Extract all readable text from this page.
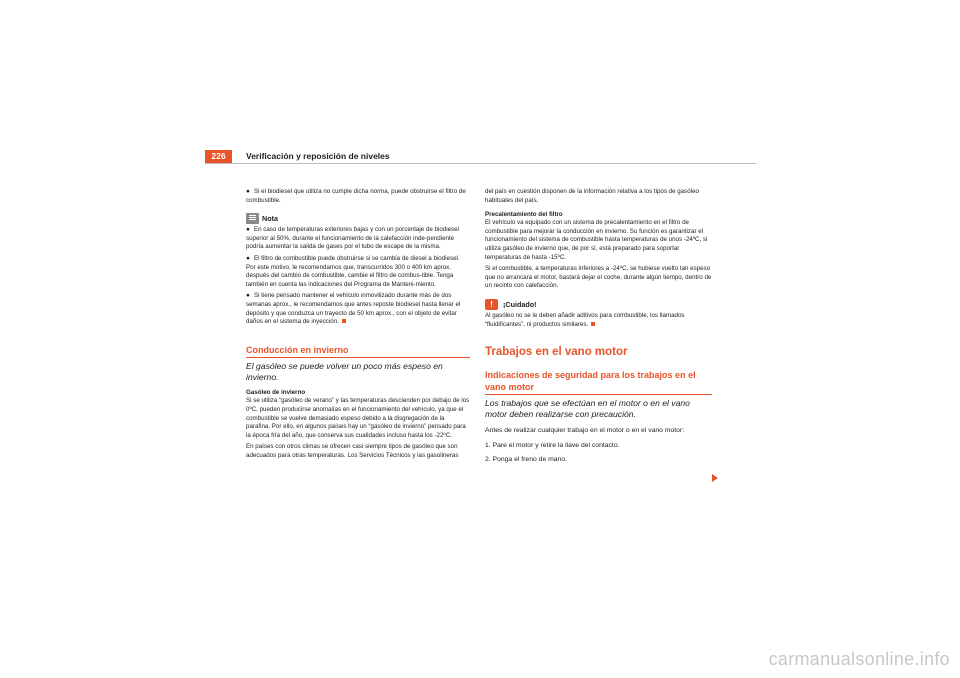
226	Verificación y reposición de niveles

● Si el biodiesel que utiliza no cumple dicha norma, puede obstruirse el filtro de combustible.

Nota

● En caso de temperaturas exteriores bajas y con un porcentaje de biodiesel superior al 50%, durante el funcionamiento de la calefacción inde-pendiente podría aumentar la salida de gases por el tubo de escape de la misma.

● El filtro de combustible puede obstruirse si se cambia de diesel a biodiesel. Por este motivo, le recomendamos que, transcurridos 300 o 400 km aprox. después del cambio de combustible, cambie el filtro de combus-tible. Tenga también en cuenta las indicaciones del Programa de Manteni-miento.

● Si tiene pensado mantener el vehículo inmovilizado durante más de dos semanas aprox., le recomendamos que antes reposte biodiesel hasta llenar el depósito y que conduzca un trayecto de 50 km aprox., con el objeto de evitar daños en el sistema de inyección.

Conducción en invierno

El gasóleo se puede volver un poco más espeso en invierno.

Gasóleo de invierno

Si se utiliza “gasóleo de verano” y las temperaturas descienden por debajo de los 0ºC, pueden producirse anomalías en el funcionamiento del vehículo, ya que el combustible se vuelve demasiado espeso debido a la disgregación de la parafina. Por ello, en algunos países hay un “gasóleo de invierno” pensado para la época fría del año, que conserva sus cualidades incluso hasta los -22ºC.

En países con otros climas se ofrecen casi siempre tipos de gasóleo que son adecuados para otras temperaturas. Los Servicios Técnicos y las gasolineras

del país en cuestión disponen de la información relativa a los tipos de gasóleo habituales del país.

Precalentamiento del filtro

El vehículo va equipado con un sistema de precalentamiento en el filtro de combustible para mejorar la conducción en invierno. Su función es garantizar el funcionamiento del sistema de combustible hasta temperaturas de unos -24ºC, si utiliza gasóleo de invierno que, de por sí, está preparado para soportar temperaturas de hasta -15ºC.

Si el combustible, a temperaturas inferiores a -24ºC, se hubiese vuelto tan espeso que no arrancara el motor, bastará dejar el coche, durante algún tiempo, dentro de un recinto con calefacción.

!	¡Cuidado!

Al gasóleo no se le deben añadir aditivos para combustible, los llamados “fluidificantes”, ni productos similares.

Trabajos en el vano motor

Indicaciones de seguridad para los trabajos en el vano motor

Los trabajos que se efectúan en el motor o en el vano motor deben realizarse con precaución.

Antes de realizar cualquier trabajo en el motor o en el vano motor:

1. Pare el motor y retire la llave del contacto.

2. Ponga el freno de mano.

carmanualsonline.info
